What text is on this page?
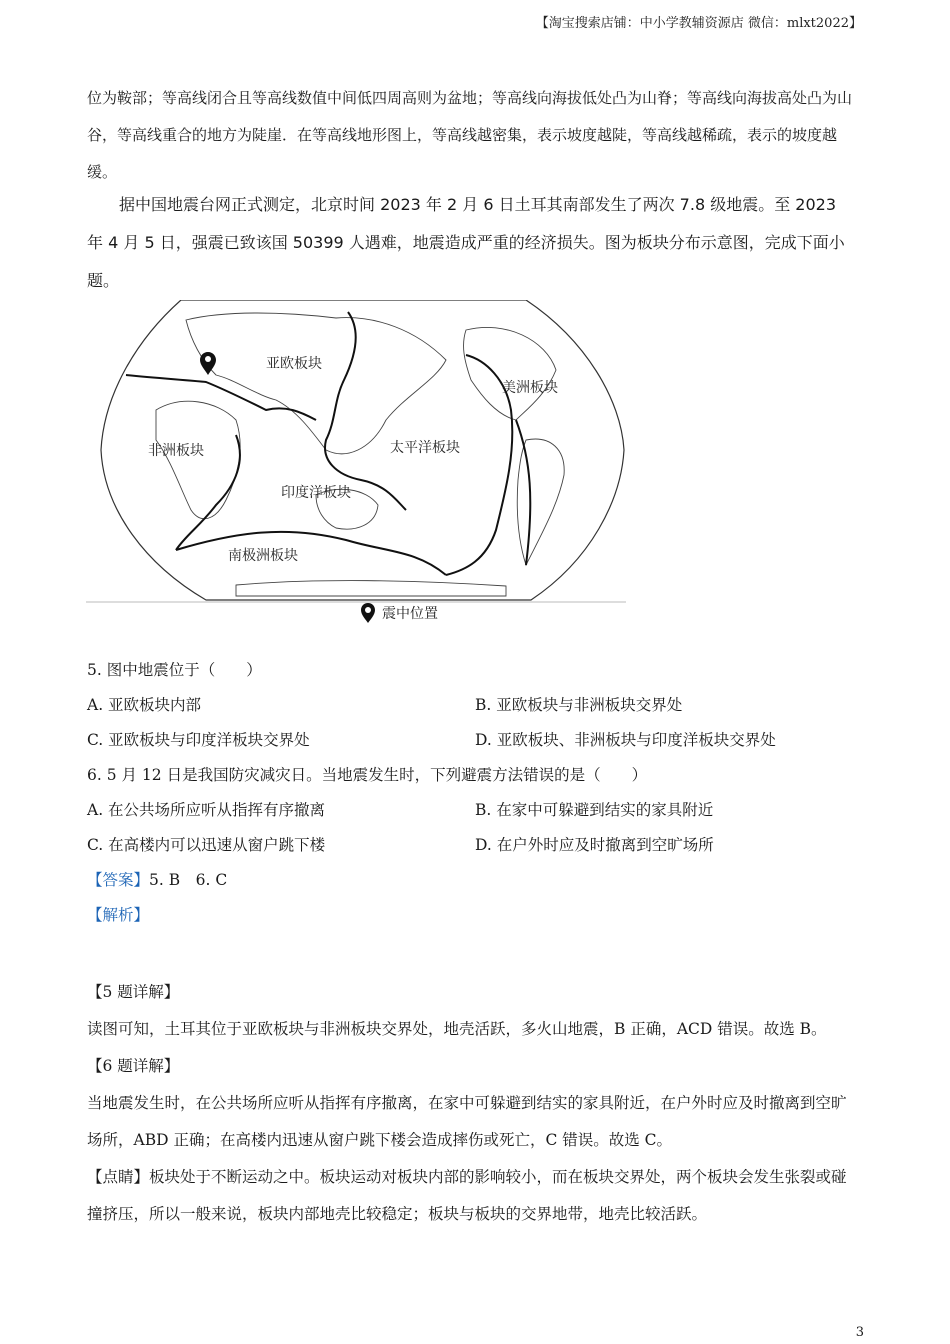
【淘宝搜索店铺：中小学教辅资源店 微信：mlxt2022】

位为鞍部；等高线闭合且等高线数值中间低四周高则为盆地；等高线向海拔低处凸为山脊；等高线向海拔高处凸为山谷，等高线重合的地方为陡崖．在等高线地形图上，等高线越密集，表示坡度越陡，等高线越稀疏，表示的坡度越缓。

据中国地震台网正式测定，北京时间 2023 年 2 月 6 日土耳其南部发生了两次 7.8 级地震。至 2023 年 4 月 5 日，强震已致该国 50399 人遇难，地震造成严重的经济损失。图为板块分布示意图，完成下面小题。

亚欧板块
美洲板块
非洲板块	太平洋板块
印度洋板块
南极洲板块
震中位置
5. 图中地震位于（　　）
A. 亚欧板块内部	B. 亚欧板块与非洲板块交界处
C. 亚欧板块与印度洋板块交界处	D. 亚欧板块、非洲板块与印度洋板块交界处
6. 5 月 12 日是我国防灾减灾日。当地震发生时，下列避震方法错误的是（　　）
A. 在公共场所应听从指挥有序撤离	B. 在家中可躲避到结实的家具附近
C. 在高楼内可以迅速从窗户跳下楼	D. 在户外时应及时撤离到空旷场所
【答案】5. B　6. C
【解析】
【5 题详解】
读图可知，土耳其位于亚欧板块与非洲板块交界处，地壳活跃，多火山地震，B 正确，ACD 错误。故选 B。
【6 题详解】
当地震发生时，在公共场所应听从指挥有序撤离，在家中可躲避到结实的家具附近，在户外时应及时撤离到空旷场所，ABD 正确；在高楼内迅速从窗户跳下楼会造成摔伤或死亡，C 错误。故选 C。
【点睛】板块处于不断运动之中。板块运动对板块内部的影响较小，而在板块交界处，两个板块会发生张裂或碰撞挤压，所以一般来说，板块内部地壳比较稳定；板块与板块的交界地带，地壳比较活跃。
3
